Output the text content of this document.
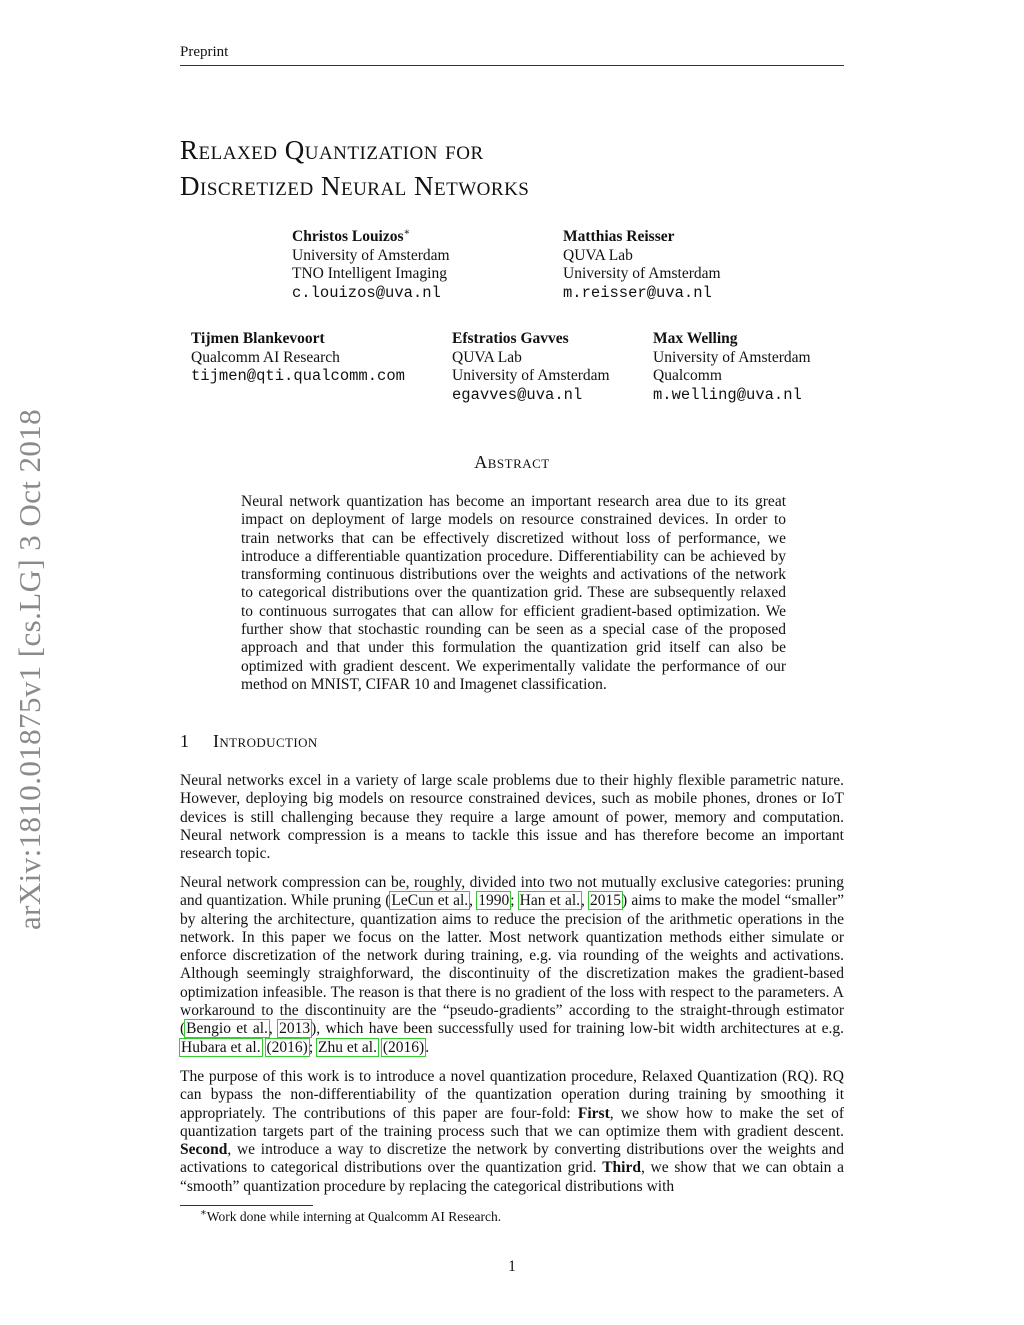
Preprint
Relaxed Quantization for
Discretized Neural Networks
Christos Louizos∗
University of Amsterdam
TNO Intelligent Imaging
c.louizos@uva.nl
Matthias Reisser
QUVA Lab
University of Amsterdam
m.reisser@uva.nl
Tijmen Blankevoort
Qualcomm AI Research
tijmen@qti.qualcomm.com
Efstratios Gavves
QUVA Lab
University of Amsterdam
egavves@uva.nl
Max Welling
University of Amsterdam
Qualcomm
m.welling@uva.nl
arXiv:1810.01875v1 [cs.LG] 3 Oct 2018	Abstract
Neural network quantization has become an important research area due to its great impact on deployment of large models on resource constrained devices. In order to train networks that can be effectively discretized without loss of performance, we introduce a differentiable quantization procedure. Differentiability can be achieved by transforming continuous distributions over the weights and activations of the network to categorical distributions over the quantization grid. These are subsequently relaxed to continuous surrogates that can allow for efficient gradient-based optimization. We further show that stochastic rounding can be seen as a special case of the proposed approach and that under this formulation the quantization grid itself can also be optimized with gradient descent. We experimentally validate the performance of our method on MNIST, CIFAR 10 and Imagenet classification.
1 Introduction
Neural networks excel in a variety of large scale problems due to their highly flexible parametric nature. However, deploying big models on resource constrained devices, such as mobile phones, drones or IoT devices is still challenging because they require a large amount of power, memory and computation. Neural network compression is a means to tackle this issue and has therefore become an important research topic.
Neural network compression can be, roughly, divided into two not mutually exclusive categories: pruning and quantization. While pruning (LeCun et al., 1990; Han et al., 2015) aims to make the model “smaller” by altering the architecture, quantization aims to reduce the precision of the arithmetic operations in the network. In this paper we focus on the latter. Most network quantization methods either simulate or enforce discretization of the network during training, e.g. via rounding of the weights and activations. Although seemingly straighforward, the discontinuity of the discretization makes the gradient-based optimization infeasible. The reason is that there is no gradient of the loss with respect to the parameters. A workaround to the discontinuity are the “pseudo-gradients” according to the straight-through estimator (Bengio et al., 2013), which have been successfully used for training low-bit width architectures at e.g. Hubara et al. (2016); Zhu et al. (2016).
The purpose of this work is to introduce a novel quantization procedure, Relaxed Quantization (RQ). RQ can bypass the non-differentiability of the quantization operation during training by smoothing it appropriately. The contributions of this paper are four-fold: First, we show how to make the set of quantization targets part of the training process such that we can optimize them with gradient descent. Second, we introduce a way to discretize the network by converting distributions over the weights and activations to categorical distributions over the quantization grid. Third, we show that we can obtain a “smooth” quantization procedure by replacing the categorical distributions with
∗Work done while interning at Qualcomm AI Research.
1
